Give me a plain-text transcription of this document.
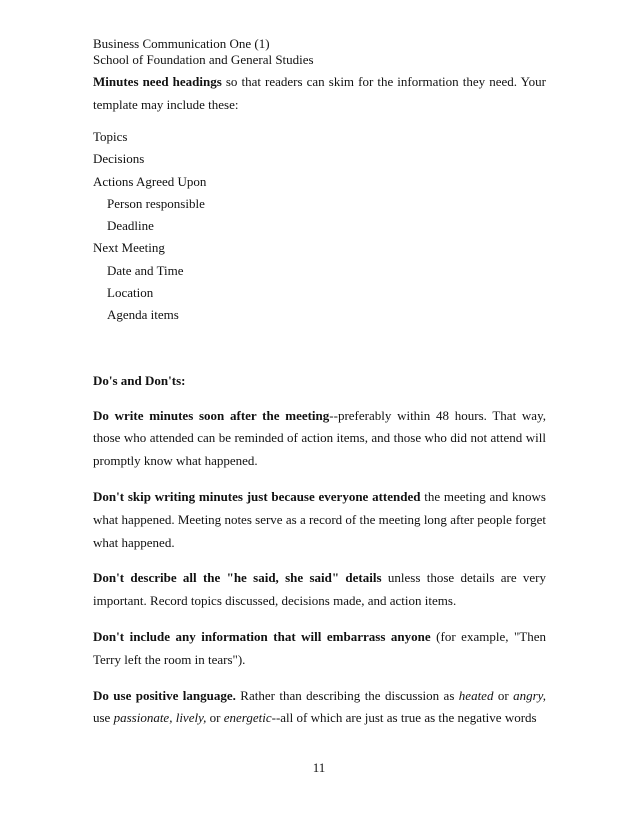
Business Communication One (1)

School of Foundation and General Studies

Minutes need headings so that readers can skim for the information they need. Your template may include these:

Topics
Decisions
Actions Agreed Upon
Person responsible
Deadline
Next Meeting
Date and Time
Location
Agenda items

Do's and Don'ts:

Do write minutes soon after the meeting--preferably within 48 hours. That way, those who attended can be reminded of action items, and those who did not attend will promptly know what happened.

Don't skip writing minutes just because everyone attended the meeting and knows what happened. Meeting notes serve as a record of the meeting long after people forget what happened.

Don't describe all the "he said, she said" details unless those details are very important. Record topics discussed, decisions made, and action items.

Don't include any information that will embarrass anyone (for example, "Then Terry left the room in tears").

Do use positive language. Rather than describing the discussion as heated or angry, use passionate, lively, or energetic--all of which are just as true as the negative words

11
